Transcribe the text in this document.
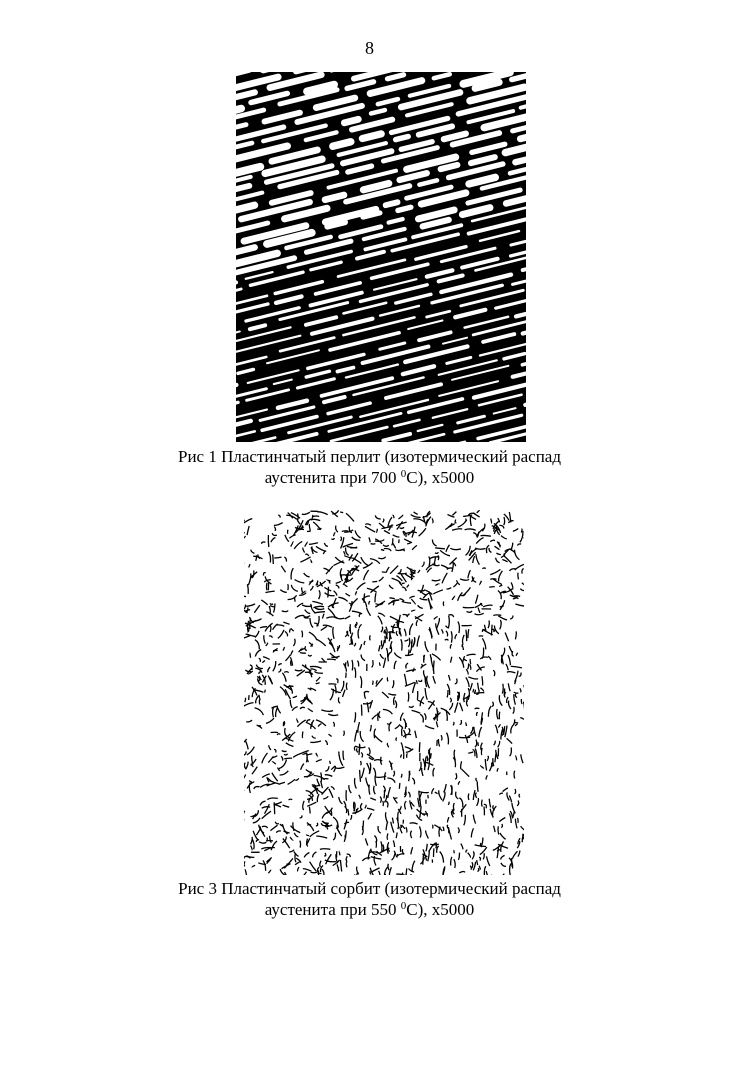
8
Рис 1 Пластинчатый перлит (изотермический распад
аустенита при 700 $^0$C), x5000
Рис 3 Пластинчатый сорбит (изотермический распад
аустенита при 550 $^0$C), x5000
